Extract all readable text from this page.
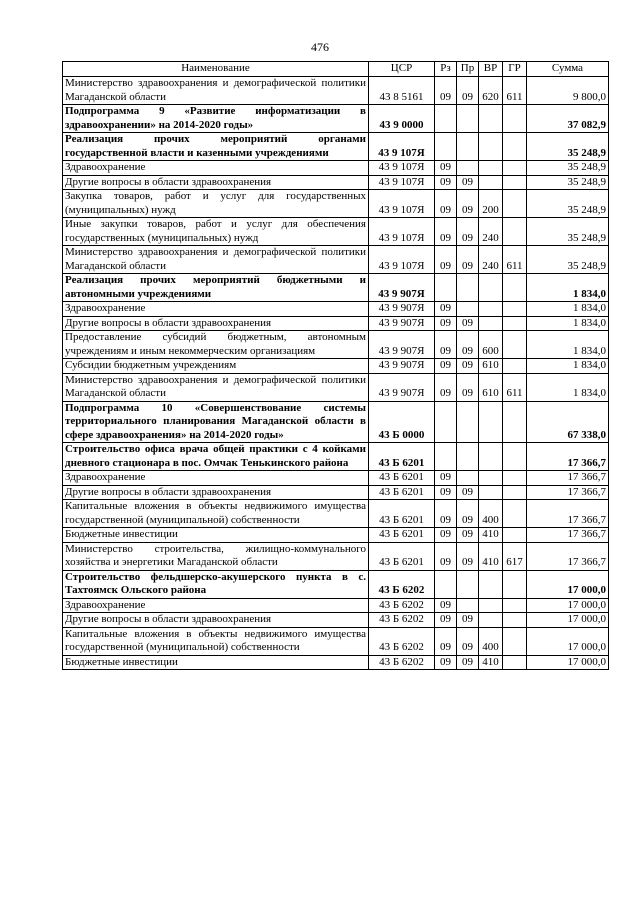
476
Наименование	ЦСР	Рз	Пр	ВР	ГР	Сумма
Министерство здравоохранения и демографической политики Магаданской области	43 8 5161	09	09	620	611	9 800,0
Подпрограмма 9 «Развитие информатизации в здравоохранении» на 2014-2020 годы»	43 9 0000					37 082,9
Реализация прочих мероприятий органами государственной власти и казенными учреждениями	43 9 107Я					35 248,9
Здравоохранение	43 9 107Я	09				35 248,9
Другие вопросы в области здравоохранения	43 9 107Я	09	09			35 248,9
Закупка товаров, работ и услуг для государственных (муниципальных) нужд	43 9 107Я	09	09	200		35 248,9
Иные закупки товаров, работ и услуг для обеспечения государственных (муниципальных) нужд	43 9 107Я	09	09	240		35 248,9
Министерство здравоохранения и демографической политики Магаданской области	43 9 107Я	09	09	240	611	35 248,9
Реализация прочих мероприятий бюджетными и автономными учреждениями	43 9 907Я					1 834,0
Здравоохранение	43 9 907Я	09				1 834,0
Другие вопросы в области здравоохранения	43 9 907Я	09	09			1 834,0
Предоставление субсидий бюджетным, автономным учреждениям и иным некоммерческим организациям	43 9 907Я	09	09	600		1 834,0
Субсидии бюджетным учреждениям	43 9 907Я	09	09	610		1 834,0
Министерство здравоохранения и демографической политики Магаданской области	43 9 907Я	09	09	610	611	1 834,0
Подпрограмма 10 «Совершенствование системы территориального планирования Магаданской области в сфере здравоохранения» на 2014-2020 годы»	43 Б 0000					67 338,0
Строительство офиса врача общей практики с 4 койками дневного стационара в пос. Омчак Тенькинского района	43 Б 6201					17 366,7
Здравоохранение	43 Б 6201	09				17 366,7
Другие вопросы в области здравоохранения	43 Б 6201	09	09			17 366,7
Капитальные вложения в объекты недвижимого имущества государственной (муниципальной) собственности	43 Б 6201	09	09	400		17 366,7
Бюджетные инвестиции	43 Б 6201	09	09	410		17 366,7
Министерство строительства, жилищно-коммунального хозяйства и энергетики Магаданской области	43 Б 6201	09	09	410	617	17 366,7
Строительство фельдшерско-акушерского пункта в с. Тахтоямск Ольского района	43 Б 6202					17 000,0
Здравоохранение	43 Б 6202	09				17 000,0
Другие вопросы в области здравоохранения	43 Б 6202	09	09			17 000,0
Капитальные вложения в объекты недвижимого имущества государственной (муниципальной) собственности	43 Б 6202	09	09	400		17 000,0
Бюджетные инвестиции	43 Б 6202	09	09	410		17 000,0
